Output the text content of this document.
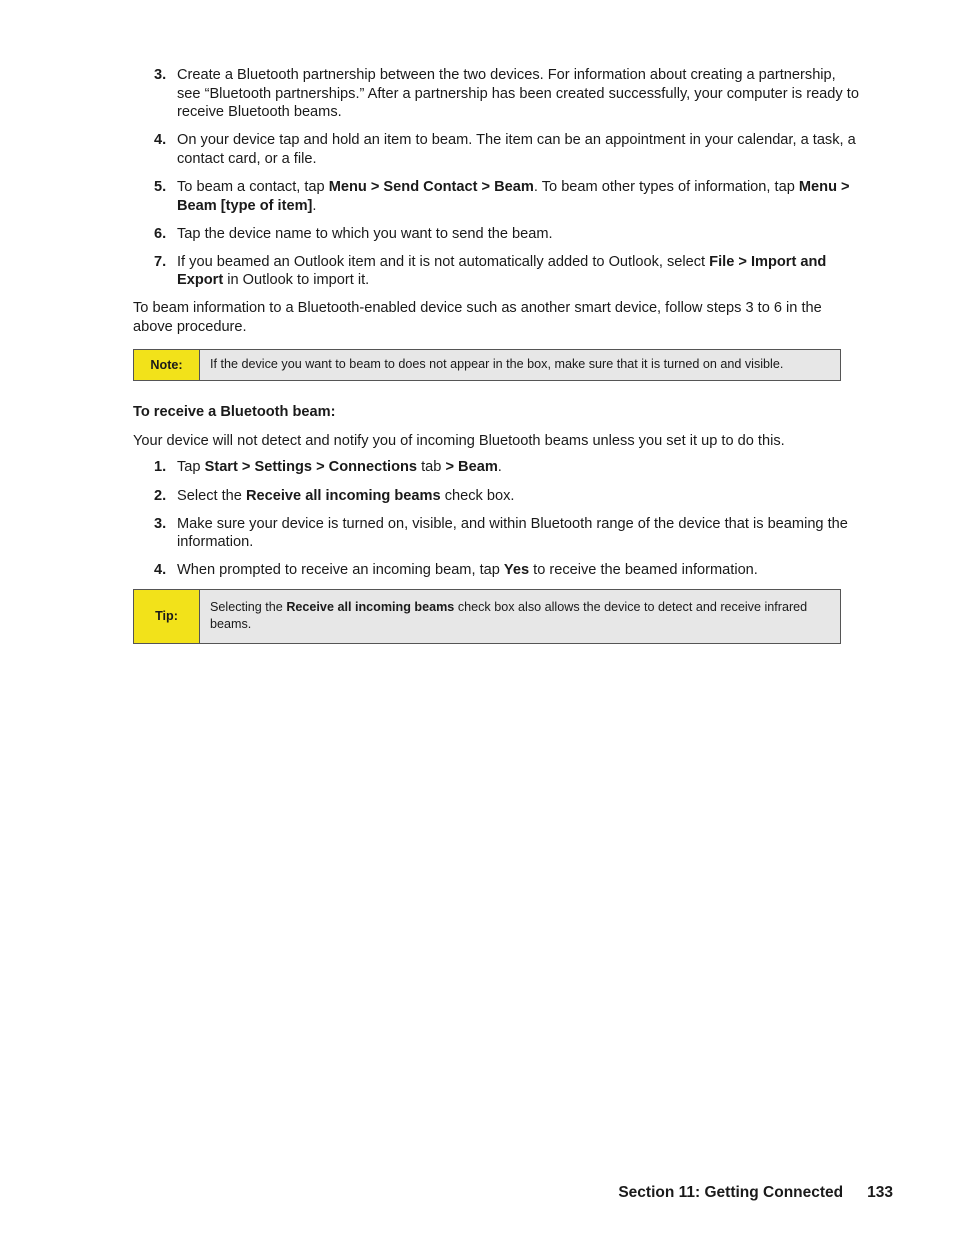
3. Create a Bluetooth partnership between the two devices. For information about creating a partnership, see “Bluetooth partnerships.” After a partnership has been created successfully, your computer is ready to receive Bluetooth beams.
4. On your device tap and hold an item to beam. The item can be an appointment in your calendar, a task, a contact card, or a file.
5. To beam a contact, tap Menu > Send Contact > Beam. To beam other types of information, tap Menu > Beam [type of item].
6. Tap the device name to which you want to send the beam.
7. If you beamed an Outlook item and it is not automatically added to Outlook, select File > Import and Export in Outlook to import it.

To beam information to a Bluetooth-enabled device such as another smart device, follow steps 3 to 6 in the above procedure.

Note:	If the device you want to beam to does not appear in the box, make sure that it is turned on and visible.
To receive a Bluetooth beam:

Your device will not detect and notify you of incoming Bluetooth beams unless you set it up to do this.

1. Tap Start > Settings > Connections tab > Beam.
2. Select the Receive all incoming beams check box.
3. Make sure your device is turned on, visible, and within Bluetooth range of the device that is beaming the information.
4. When prompted to receive an incoming beam, tap Yes to receive the beamed information.
Tip:
Selecting the Receive all incoming beams check box also allows the device to detect and receive infrared beams.
Section 11: Getting Connected 133
